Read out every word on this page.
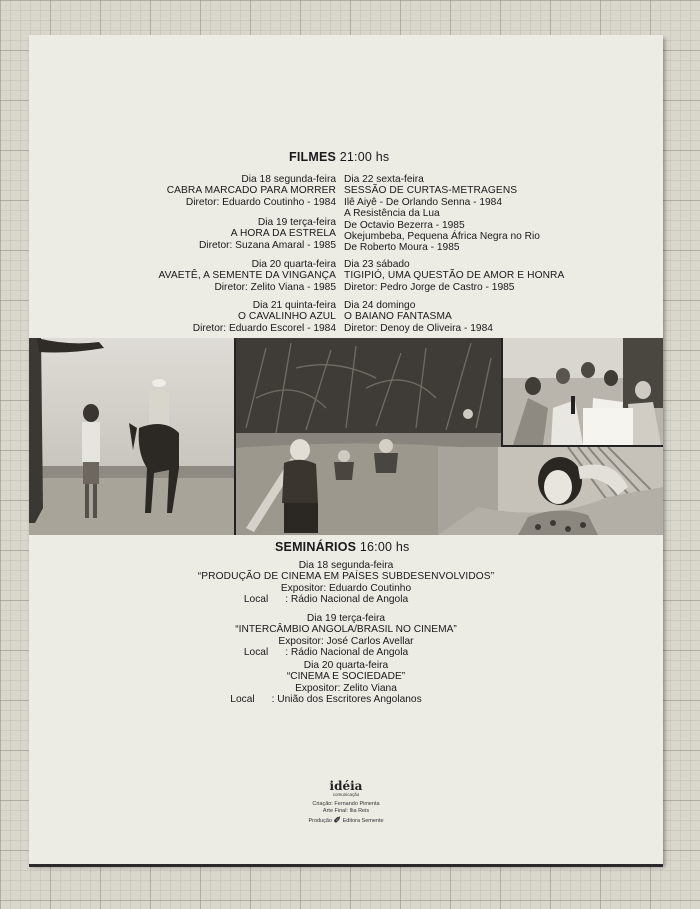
FILMES 21:00 hs
Dia 18 segunda-feira
CABRA MARCADO PARA MORRER
Diretor: Eduardo Coutinho - 1984
Dia 19 terça-feira
A HORA DA ESTRELA
Diretor: Suzana Amaral - 1985
Dia 20 quarta-feira
AVAETÊ, A SEMENTE DA VINGANÇA
Diretor: Zelito Viana - 1985
Dia 21 quinta-feira
O CAVALINHO AZUL
Diretor: Eduardo Escorel - 1984
Dia 22 sexta-feira
SESSÃO DE CURTAS-METRAGENS
Ilê Aiyê - De Orlando Senna - 1984
A Resistência da Lua
De Octavio Bezerra - 1985
Okejumbeba, Pequena África Negra no Rio
De Roberto Moura - 1985
Dia 23 sábado
TIGIPIÓ, UMA QUESTÃO DE AMOR E HONRA
Diretor: Pedro Jorge de Castro - 1985
Dia 24 domingo
O BAIANO FANTASMA
Diretor: Denoy de Oliveira - 1984
SEMINÁRIOS 16:00 hs
Dia 18 segunda-feira
“PRODUÇÃO DE CINEMA EM PAÍSES SUBDESENVOLVIDOS”
Expositor: Eduardo Coutinho
Local : Rádio Nacional de Angola
Dia 19 terça-feira
“INTERCÂMBIO ANGOLA/BRASIL NO CINEMA”
Expositor: José Carlos Avellar
Local : Rádio Nacional de Angola
Dia 20 quarta-feira
“CINEMA E SOCIEDADE”
Expositor: Zelito Viana
Local : União dos Escritores Angolanos
idéia
comunicação
Criação: Fernando Pimenta
Arte Final: Ilia Reis
Produção ✐ Editora Semente
